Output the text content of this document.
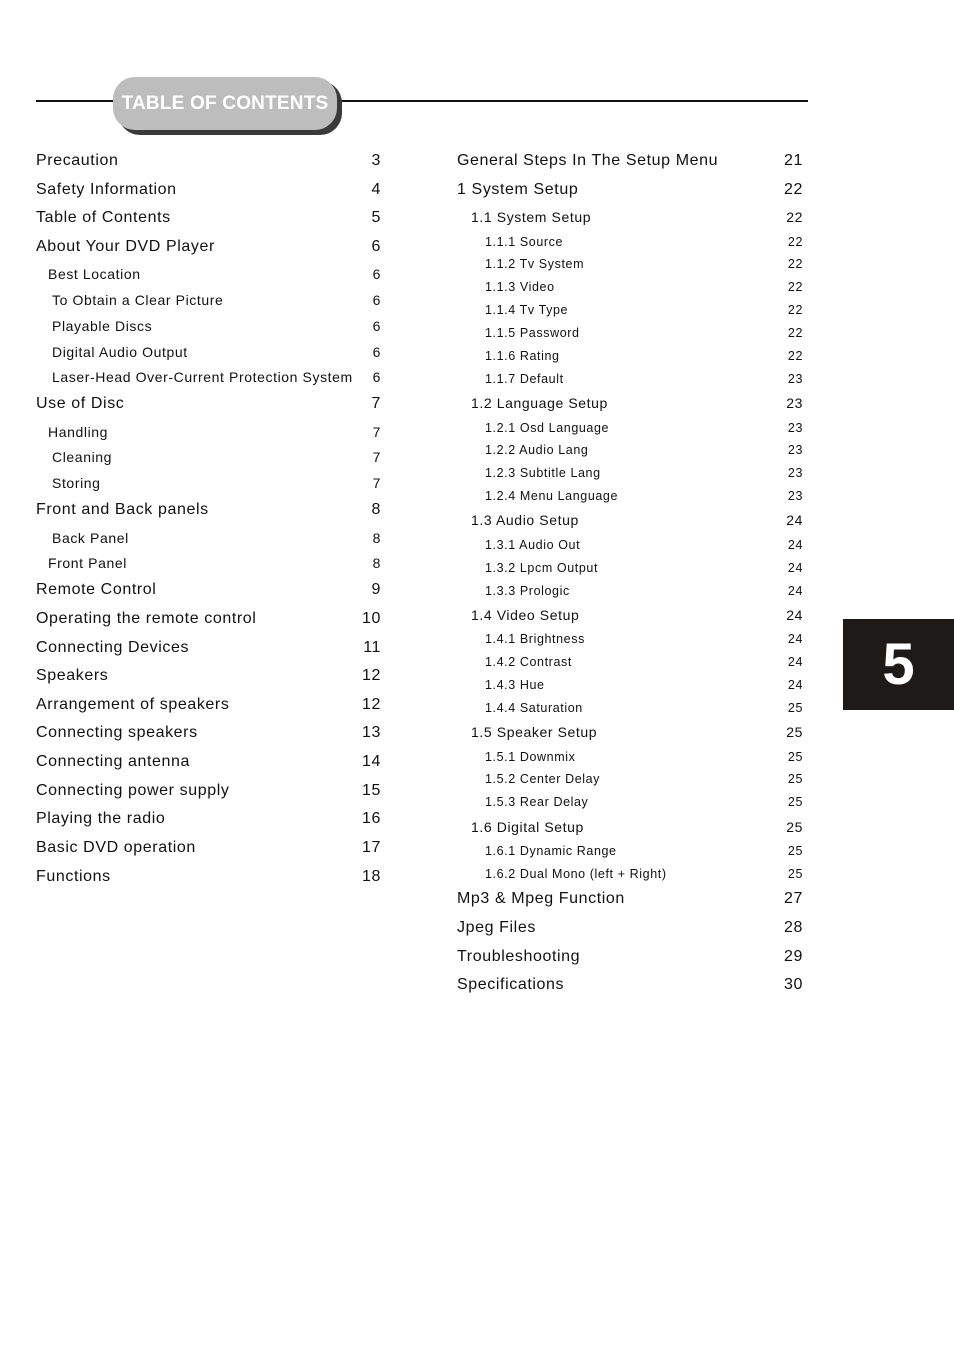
TABLE OF CONTENTS
Precaution	3
Safety Information	4
Table of Contents	5
About Your DVD Player	6
Best Location	6
To Obtain a Clear Picture	6
Playable Discs	6
Digital Audio Output	6
Laser-Head Over-Current Protection System 6
Use of Disc	7
Handling	7
Cleaning	7
Storing	7
Front and Back panels	8
Back Panel	8
Front Panel	8
Remote Control	9
Operating the remote control	10
Connecting Devices	11
Speakers	12
Arrangement of speakers	12
Connecting speakers	13
Connecting antenna	14
Connecting power supply	15
Playing the radio	16
Basic DVD operation	17
Functions	18
General Steps In The Setup Menu	21
1 System Setup	22
1.1 System Setup	22
1.1.1 Source	22
1.1.2 Tv System	22
1.1.3 Video	22
1.1.4 Tv Type	22
1.1.5 Password	22
1.1.6 Rating	22
1.1.7 Default	23
1.2 Language Setup	23
1.2.1 Osd Language	23
1.2.2 Audio Lang	23
1.2.3 Subtitle Lang	23
1.2.4 Menu Language	23
1.3 Audio Setup	24
1.3.1 Audio Out	24
1.3.2 Lpcm Output	24
1.3.3 Prologic	24
1.4 Video Setup	24
1.4.1 Brightness	24
1.4.2 Contrast	24
1.4.3 Hue	24
1.4.4 Saturation	25
1.5 Speaker Setup	25
1.5.1 Downmix	25
1.5.2 Center Delay	25
1.5.3 Rear Delay	25
1.6 Digital Setup	25
1.6.1 Dynamic Range	25
1.6.2 Dual Mono (left + Right)	25
Mp3 & Mpeg Function	27
Jpeg Files	28
Troubleshooting	29
Specifications	30
5
